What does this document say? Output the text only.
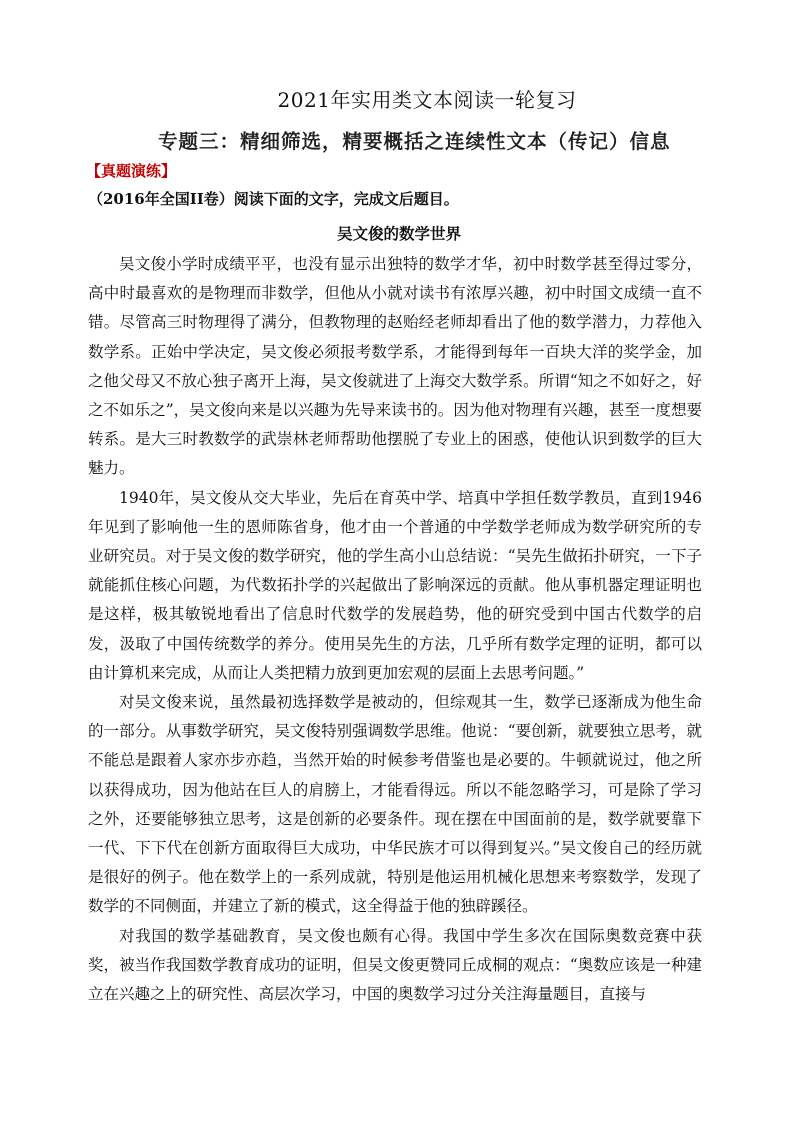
2021年实用类文本阅读一轮复习
专题三：精细筛选，精要概括之连续性文本（传记）信息
【真题演练】
（2016年全国II卷）阅读下面的文字，完成文后题目。
吴文俊的数学世界

吴文俊小学时成绩平平，也没有显示出独特的数学才华，初中时数学甚至得过零分，高中时最喜欢的是物理而非数学，但他从小就对读书有浓厚兴趣，初中时国文成绩一直不错。尽管高三时物理得了满分，但教物理的赵贻经老师却看出了他的数学潜力，力荐他入数学系。正始中学决定，吴文俊必须报考数学系，才能得到每年一百块大洋的奖学金，加之他父母又不放心独子离开上海，吴文俊就进了上海交大数学系。所谓“知之不如好之，好之不如乐之”，吴文俊向来是以兴趣为先导来读书的。因为他对物理有兴趣，甚至一度想要转系。是大三时教数学的武崇林老师帮助他摆脱了专业上的困惑，使他认识到数学的巨大魅力。

1940年，吴文俊从交大毕业，先后在育英中学、培真中学担任数学教员，直到1946年见到了影响他一生的恩师陈省身，他才由一个普通的中学数学老师成为数学研究所的专业研究员。对于吴文俊的数学研究，他的学生高小山总结说：“吴先生做拓扑研究，一下子就能抓住核心问题，为代数拓扑学的兴起做出了影响深远的贡献。他从事机器定理证明也是这样，极其敏锐地看出了信息时代数学的发展趋势，他的研究受到中国古代数学的启发，汲取了中国传统数学的养分。使用吴先生的方法，几乎所有数学定理的证明，都可以由计算机来完成，从而让人类把精力放到更加宏观的层面上去思考问题。”

对吴文俊来说，虽然最初选择数学是被动的，但综观其一生，数学已逐渐成为他生命的一部分。从事数学研究，吴文俊特别强调数学思维。他说：“要创新，就要独立思考，就不能总是跟着人家亦步亦趋，当然开始的时候参考借鉴也是必要的。牛顿就说过，他之所以获得成功，因为他站在巨人的肩膀上，才能看得远。所以不能忽略学习，可是除了学习之外，还要能够独立思考，这是创新的必要条件。现在摆在中国面前的是，数学就要靠下一代、下下代在创新方面取得巨大成功，中华民族才可以得到复兴。”吴文俊自己的经历就是很好的例子。他在数学上的一系列成就，特别是他运用机械化思想来考察数学，发现了数学的不同侧面，并建立了新的模式，这全得益于他的独辟蹊径。

对我国的数学基础教育，吴文俊也颇有心得。我国中学生多次在国际奥数竞赛中获奖，被当作我国数学教育成功的证明，但吴文俊更赞同丘成桐的观点：“奥数应该是一种建立在兴趣之上的研究性、高层次学习，中国的奥数学习过分关注海量题目，直接与
